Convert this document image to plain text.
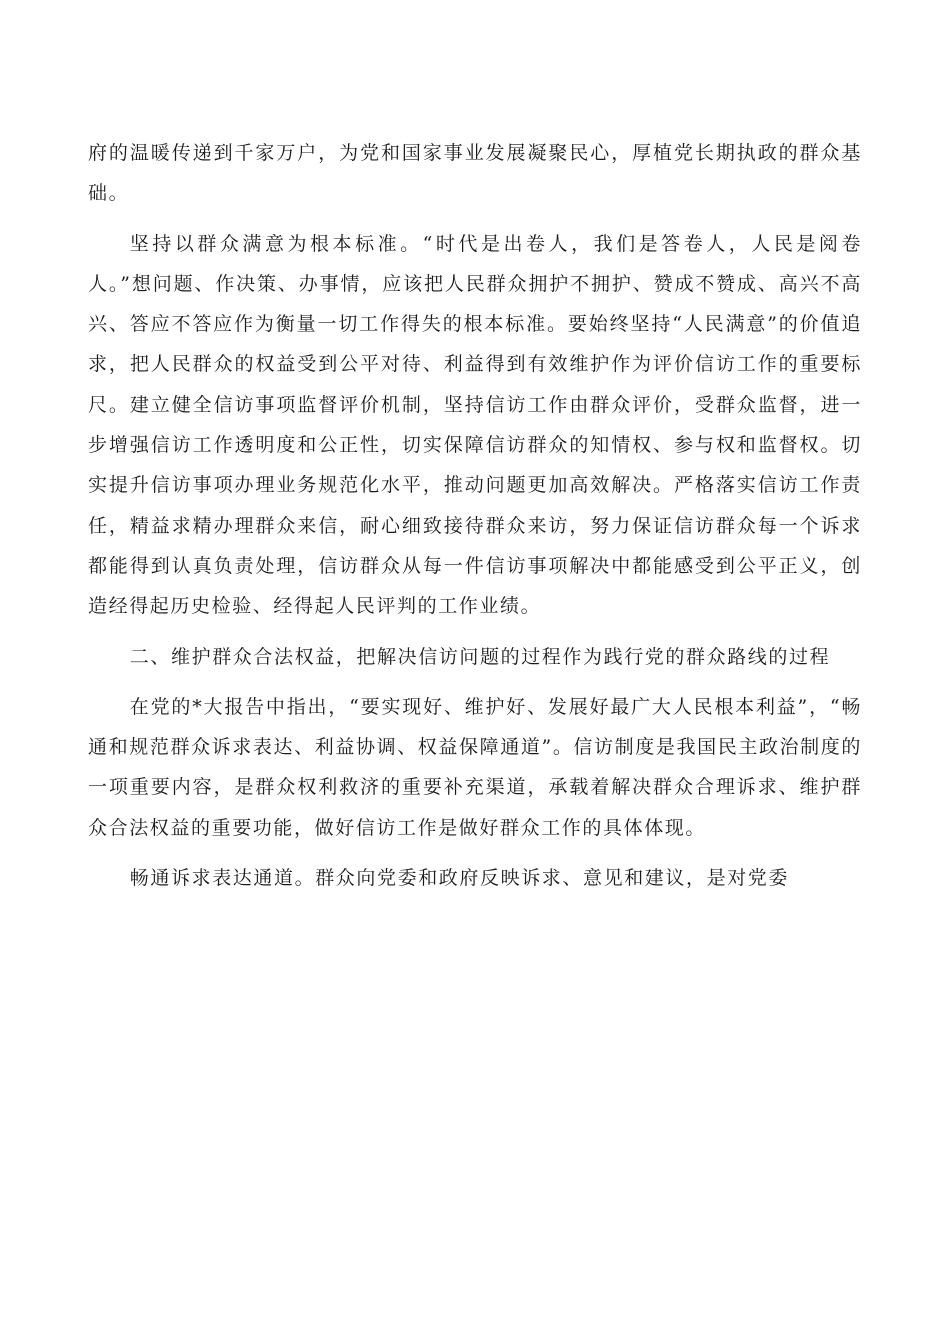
府的温暖传递到千家万户，为党和国家事业发展凝聚民心，厚植党长期执政的群众基础。

坚持以群众满意为根本标准。“时代是出卷人，我们是答卷人，人民是阅卷人。”想问题、作决策、办事情，应该把人民群众拥护不拥护、赞成不赞成、高兴不高兴、答应不答应作为衡量一切工作得失的根本标准。要始终坚持“人民满意”的价值追求，把人民群众的权益受到公平对待、利益得到有效维护作为评价信访工作的重要标尺。建立健全信访事项监督评价机制，坚持信访工作由群众评价，受群众监督，进一步增强信访工作透明度和公正性，切实保障信访群众的知情权、参与权和监督权。切实提升信访事项办理业务规范化水平，推动问题更加高效解决。严格落实信访工作责任，精益求精办理群众来信，耐心细致接待群众来访，努力保证信访群众每一个诉求都能得到认真负责处理，信访群众从每一件信访事项解决中都能感受到公平正义，创造经得起历史检验、经得起人民评判的工作业绩。

二、维护群众合法权益，把解决信访问题的过程作为践行党的群众路线的过程

在党的*大报告中指出，“要实现好、维护好、发展好最广大人民根本利益”，“畅通和规范群众诉求表达、利益协调、权益保障通道”。信访制度是我国民主政治制度的一项重要内容，是群众权利救济的重要补充渠道，承载着解决群众合理诉求、维护群众合法权益的重要功能，做好信访工作是做好群众工作的具体体现。

畅通诉求表达通道。群众向党委和政府反映诉求、意见和建议，是对党委
